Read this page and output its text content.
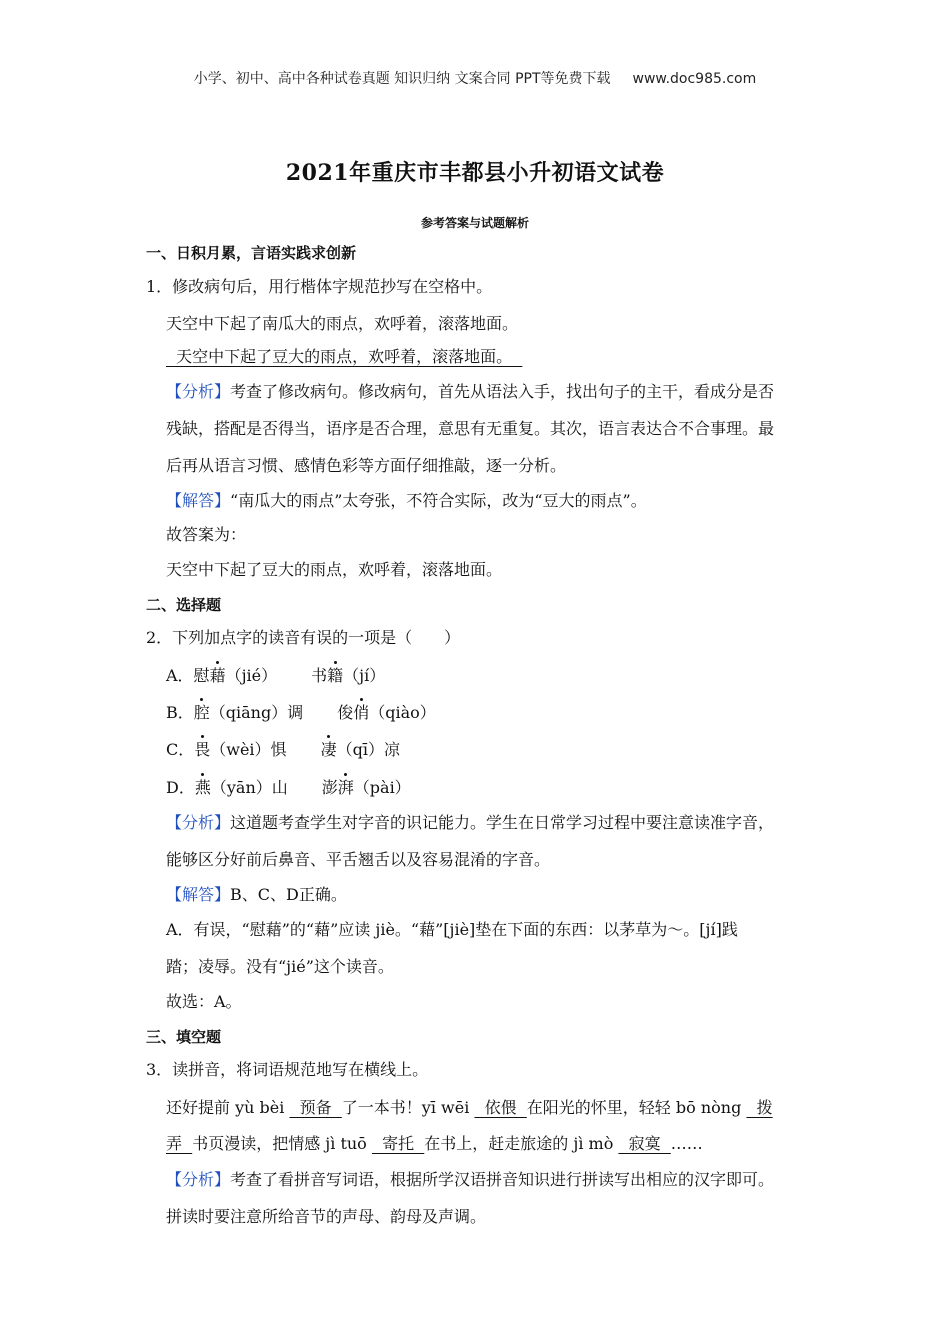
小学、初中、高中各种试卷真题 知识归纳 文案合同 PPT等免费下载 www.doc985.com
2021年重庆市丰都县小升初语文试卷
参考答案与试题解析
一、日积月累，言语实践求创新
1．修改病句后，用行楷体字规范抄写在空格中。
天空中下起了南瓜大的雨点，欢呼着，滚落地面。
天空中下起了豆大的雨点，欢呼着，滚落地面。
【分析】考查了修改病句。修改病句，首先从语法入手，找出句子的主干，看成分是否
残缺，搭配是否得当，语序是否合理，意思有无重复。其次，语言表达合不合事理。最
后再从语言习惯、感情色彩等方面仔细推敲，逐一分析。
【解答】“南瓜大的雨点”太夸张，不符合实际，改为“豆大的雨点”。
故答案为：
天空中下起了豆大的雨点，欢呼着，滚落地面。
二、选择题
2．下列加点字的读音有误的一项是（　　）
A．慰藉（jié） 书籍（jí）
B．腔（qiāng）调 俊俏（qiào）
C．畏（wèi）惧 凄（qī）凉
D．燕（yān）山 澎湃（pài）
【分析】这道题考查学生对字音的识记能力。学生在日常学习过程中要注意读准字音，
能够区分好前后鼻音、平舌翘舌以及容易混淆的字音。
【解答】B、C、D正确。
A．有误，“慰藉”的“藉”应读 jiè。“藉”[jiè]垫在下面的东西：以茅草为～。[jí]践
踏；凌辱。没有“jié”这个读音。
故选：A。
三、填空题
3．读拼音，将词语规范地写在横线上。
还好提前 yù bèi   预备  了一本书！yī wēi   依偎  在阳光的怀里，轻轻 bō nòng   拨
弄  书页漫读，把情感 jì tuō   寄托  在书上，赶走旅途的 jì mò   寂寞  ……
【分析】考查了看拼音写词语，根据所学汉语拼音知识进行拼读写出相应的汉字即可。
拼读时要注意所给音节的声母、韵母及声调。
